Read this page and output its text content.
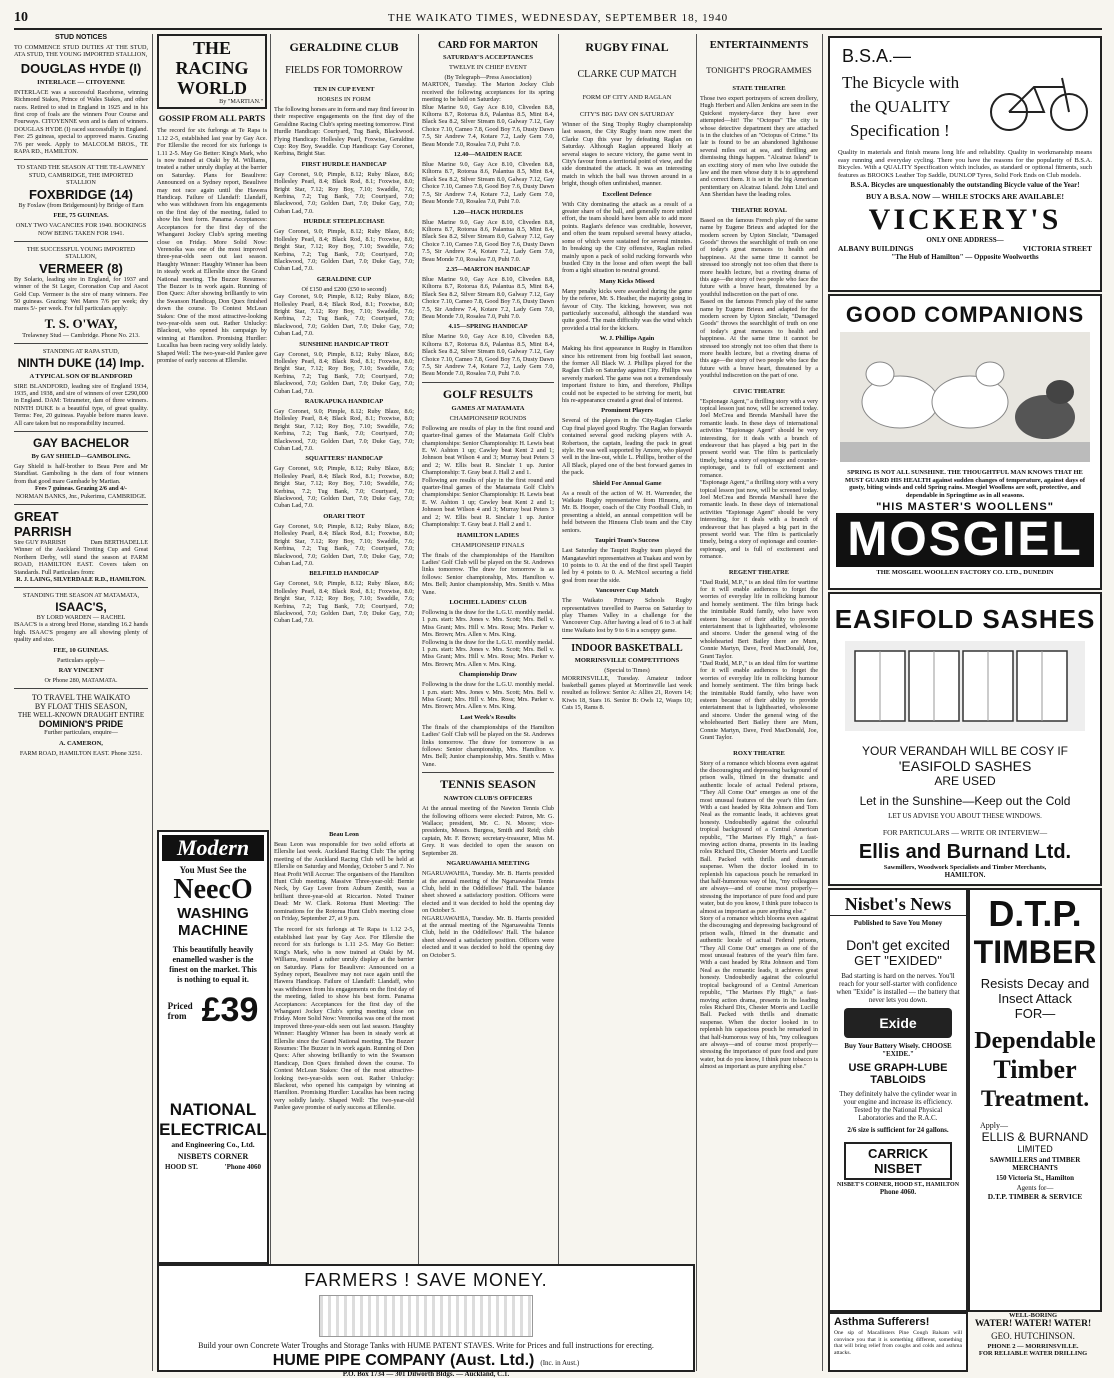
10	THE WAIKATO TIMES, WEDNESDAY, SEPTEMBER 18, 1940
STUD NOTICES
TO COMMENCE STUD DUTIES AT THE STUD, ATA STUD, THE YOUNG IMPORTED STALLION,
DOUGLAS HYDE (I)
INTERLACE — CITOYENNE
INTERLACE was a successful Racehorse, winning Richmond Stakes, Prince of Wales Stakes, and other races. Retired to stud in England in 1925 and in his first crop of foals are the winners Four Course and Fourways. CITOYENNE won and is dam of winners. DOUGLAS HYDE (I) raced successfully in England. Fee: 25 guineas, special to approved mares. Grazing 7/6 per week. Apply to MALCOLM BROS., TE RAPA RD., HAMILTON.
TO STAND THE SEASON AT THE TE-LAWNEY STUD, CAMBRIDGE, THE IMPORTED STALLION
FOXBRIDGE (14)
By Foxlaw (from Bridgemount) by Bridge of Earn
FEE, 75 GUINEAS.
ONLY TWO VACANCIES FOR 1940. BOOKINGS NOW BEING TAKEN FOR 1941.
THE SUCCESSFUL YOUNG IMPORTED STALLION,
VERMEER (8)
By Solario, leading sire in England, for 1937 and winner of the St Leger, Coronation Cup and Ascot Gold Cup. Vermeer is the sire of many winners. Fee 50 guineas. Grazing: Wet Mares 7/6 per week; dry mares 5/- per week. For full particulars apply:
T. S. O'WAY,
Trelawney Stud — Cambridge. Phone No. 213.
STANDING AT RAPA STUD,
NINTH DUKE (14) Imp.
A TYPICAL SON OF BLANDFORD
SIRE BLANDFORD, leading sire of England 1934, 1935, and 1938, and sire of winners of over £290,000 in England. DAM: Tetrameter, dam of three winners. NINTH DUKE is a beautiful type, of great quality. Terms: Fee, 20 guineas. Payable before mares leave. All care taken but no responsibility incurred.
GAY BACHELOR
By GAY SHIELD—GAMBOLING.
Gay Shield is half-brother to Beau Pere and Mr Standfast. Gamboling is the dam of four winners from that good mare Gambade by Martian.
Fees 7 guineas. Grazing 2/6 and 4/-
NORMAN BANKS, Jnr., Pukerimu, CAMBRIDGE.
GREAT
PARRISH
Sire GUY PARRISH	Dam BERTHADELLE
Winner of the Auckland Trotting Cup and Great Northern Derby, will stand the season at FARM ROAD, HAMILTON EAST. Covers taken on Standards. Full Particulars from:
R. J. LAING, SILVERDALE R.D., HAMILTON.
STANDING THE SEASON AT MATAMATA,
ISAAC'S,
BY LORD WARDEN — RACHEL
ISAAC'S is a strong bred Horse, standing 16.2 hands high. ISAAC'S progeny are all showing plenty of quality and size.
FEE, 10 GUINEAS.
Particulars apply—
RAY VINCENT
Or Phone 280, MATAMATA.
TO TRAVEL THE WAIKATO
BY FLOAT THIS SEASON,
THE WELL-KNOWN DRAUGHT ENTIRE
DOMINION'S PRIDE
Further particulars, enquire—
A. CAMERON,
FARM ROAD, HAMILTON EAST. Phone 3251.
THE RACING WORLD
By "MARTIAN."
GOSSIP FROM ALL PARTS
The record for six furlongs at Te Rapa is 1.12 2-5, established last year by Gay Ace. For Ellerslie the record for six furlongs is 1.11 2-5. May Go Better: King's Mark, who is now trained at Otaki by M. Williams, treated a rather unruly display at the barrier on Saturday. Plans for Beaulivre: Announced on a Sydney report, Beaulivre may not race again until the Hawera Handicap. Failure of Llandaff: Llandaff, who was withdrawn from his engagements on the first day of the meeting, failed to show his best form. Panama Acceptances: Acceptances for the first day of the Whangarei Jockey Club's spring meeting close on Friday. More Solid Now: Verenoika was one of the most improved three-year-olds seen out last season. Haughty Winner: Haughty Winner has been in steady work at Ellerslie since the Grand National meeting. The Buzzer Resumes: The Buzzer is in work again. Running of Don Quex: After showing brilliantly to win the Swanson Handicap, Don Quex finished down the course. To Contest McLean Stakes: One of the most attractive-looking two-year-olds seen out. Rather Unlucky: Blackout, who opened his campaign by winning at Hamilton. Promising Hurdler: Lucallus has been racing very solidly lately. Shaped Well: The two-year-old Panlee gave promise of early success at Ellerslie.
GERALDINE CLUB
FIELDS FOR TOMORROW
TEN IN CUP EVENT
HORSES IN FORM
The following horses are in form and may find favour in their respective engagements on the first day of the Geraldine Racing Club's spring meeting tomorrow. First Hurdle Handicap: Courtyard, Tug Bank, Blackwood. Flying Handicap: Hollesley Pearl, Foxwise, Geraldine Cup: Roy Boy, Swaddle. Cup Handicap: Gay Coronet, Kerbina, Bright Star.
FIRST HURDLE HANDICAP
Gay Coronet, 9.0; Pimple, 8.12; Ruby Blaze, 8.6; Hollesley Pearl, 8.4; Black Rod, 8.1; Foxwise, 8.0; Bright Star, 7.12; Roy Boy, 7.10; Swaddle, 7.6; Kerbina, 7.2; Tug Bank, 7.0; Courtyard, 7.0; Blackwood, 7.0; Golden Dart, 7.0; Duke Gay, 7.0; Cuban Lad, 7.0.
HURDLE STEEPLECHASE
Gay Coronet, 9.0; Pimple, 8.12; Ruby Blaze, 8.6; Hollesley Pearl, 8.4; Black Rod, 8.1; Foxwise, 8.0; Bright Star, 7.12; Roy Boy, 7.10; Swaddle, 7.6; Kerbina, 7.2; Tug Bank, 7.0; Courtyard, 7.0; Blackwood, 7.0; Golden Dart, 7.0; Duke Gay, 7.0; Cuban Lad, 7.0.
GERALDINE CUP
Of £150 and £200 (£50 to second)
Gay Coronet, 9.0; Pimple, 8.12; Ruby Blaze, 8.6; Hollesley Pearl, 8.4; Black Rod, 8.1; Foxwise, 8.0; Bright Star, 7.12; Roy Boy, 7.10; Swaddle, 7.6; Kerbina, 7.2; Tug Bank, 7.0; Courtyard, 7.0; Blackwood, 7.0; Golden Dart, 7.0; Duke Gay, 7.0; Cuban Lad, 7.0.
SUNSHINE HANDICAP TROT
Gay Coronet, 9.0; Pimple, 8.12; Ruby Blaze, 8.6; Hollesley Pearl, 8.4; Black Rod, 8.1; Foxwise, 8.0; Bright Star, 7.12; Roy Boy, 7.10; Swaddle, 7.6; Kerbina, 7.2; Tug Bank, 7.0; Courtyard, 7.0; Blackwood, 7.0; Golden Dart, 7.0; Duke Gay, 7.0; Cuban Lad, 7.0.
RAUKAPUKA HANDICAP
Gay Coronet, 9.0; Pimple, 8.12; Ruby Blaze, 8.6; Hollesley Pearl, 8.4; Black Rod, 8.1; Foxwise, 8.0; Bright Star, 7.12; Roy Boy, 7.10; Swaddle, 7.6; Kerbina, 7.2; Tug Bank, 7.0; Courtyard, 7.0; Blackwood, 7.0; Golden Dart, 7.0; Duke Gay, 7.0; Cuban Lad, 7.0.
SQUATTERS' HANDICAP
Gay Coronet, 9.0; Pimple, 8.12; Ruby Blaze, 8.6; Hollesley Pearl, 8.4; Black Rod, 8.1; Foxwise, 8.0; Bright Star, 7.12; Roy Boy, 7.10; Swaddle, 7.6; Kerbina, 7.2; Tug Bank, 7.0; Courtyard, 7.0; Blackwood, 7.0; Golden Dart, 7.0; Duke Gay, 7.0; Cuban Lad, 7.0.
ORARI TROT
Gay Coronet, 9.0; Pimple, 8.12; Ruby Blaze, 8.6; Hollesley Pearl, 8.4; Black Rod, 8.1; Foxwise, 8.0; Bright Star, 7.12; Roy Boy, 7.10; Swaddle, 7.6; Kerbina, 7.2; Tug Bank, 7.0; Courtyard, 7.0; Blackwood, 7.0; Golden Dart, 7.0; Duke Gay, 7.0; Cuban Lad, 7.0.
BELFIELD HANDICAP
Gay Coronet, 9.0; Pimple, 8.12; Ruby Blaze, 8.6; Hollesley Pearl, 8.4; Black Rod, 8.1; Foxwise, 8.0; Bright Star, 7.12; Roy Boy, 7.10; Swaddle, 7.6; Kerbina, 7.2; Tug Bank, 7.0; Courtyard, 7.0; Blackwood, 7.0; Golden Dart, 7.0; Duke Gay, 7.0; Cuban Lad, 7.0.
Beau Leon
Beau Leon was responsible for two solid efforts at Ellerslie last week. Auckland Racing Club: The spring meeting of the Auckland Racing Club will be held at Ellerslie on Saturday and Monday, October 5 and 7. No Heat Profit Will Accrue: The organisers of the Hamilton Hunt Club meeting. Massive Three-year-old: Bernie Neck, by Gay Lover from Auburn Zenith, was a brilliant three-year-old at Riccarton. Noted Trainer Dead: Mr W. Clark. Rotorua Hunt Meeting: The nominations for the Rotorua Hunt Club's meeting close on Friday, September 27, at 9 p.m.
The record for six furlongs at Te Rapa is 1.12 2-5, established last year by Gay Ace. For Ellerslie the record for six furlongs is 1.11 2-5. May Go Better: King's Mark, who is now trained at Otaki by M. Williams, treated a rather unruly display at the barrier on Saturday. Plans for Beaulivre: Announced on a Sydney report, Beaulivre may not race again until the Hawera Handicap. Failure of Llandaff: Llandaff, who was withdrawn from his engagements on the first day of the meeting, failed to show his best form. Panama Acceptances: Acceptances for the first day of the Whangarei Jockey Club's spring meeting close on Friday. More Solid Now: Verenoika was one of the most improved three-year-olds seen out last season. Haughty Winner: Haughty Winner has been in steady work at Ellerslie since the Grand National meeting. The Buzzer Resumes: The Buzzer is in work again. Running of Don Quex: After showing brilliantly to win the Swanson Handicap, Don Quex finished down the course. To Contest McLean Stakes: One of the most attractive-looking two-year-olds seen out. Rather Unlucky: Blackout, who opened his campaign by winning at Hamilton. Promising Hurdler: Lucallus has been racing very solidly lately. Shaped Well: The two-year-old Panlee gave promise of early success at Ellerslie.
Modern
You Must See the
NeecO
WASHING
MACHINE
This beautifully heavily enamelled washer is the finest on the market. This is nothing to equal it.
Priced from £39
NATIONAL
ELECTRICAL
and Engineering Co., Ltd.
NISBETS CORNER
HOOD ST.	'Phone 4060
FARMERS ! SAVE MONEY.
Build your own Concrete Water Troughs and Storage Tanks with HUME PATENT STAVES. Write for Prices and full instructions for erecting.
HUME PIPE COMPANY (Aust. Ltd.) (Inc. in Aust.)
P.O. Box 1734 — 301 Dilworth Bldgs. — Auckland, C.1.
CARD FOR MARTON
SATURDAY'S ACCEPTANCES
TWELVE IN CHIEF EVENT
(By Telegraph—Press Association)
MARTON, Tuesday. The Marton Jockey Club received the following acceptances for its spring meeting to be held on Saturday:
Blue Marine 9.0, Gay Ace 8.10, Cliveden 8.8, Kiltorra 8.7, Rotorua 8.6, Palantua 8.5, Mint 8.4, Black Sea 8.2, Silver Stream 8.0, Galway 7.12, Gay Choice 7.10, Cameo 7.8, Good Boy 7.6, Dusty Dawn 7.5, Sir Andrew 7.4, Kotare 7.2, Lady Gem 7.0, Beau Monde 7.0, Rosalea 7.0, Puhi 7.0.
12.40—MAIDEN RACE
Blue Marine 9.0, Gay Ace 8.10, Cliveden 8.8, Kiltorra 8.7, Rotorua 8.6, Palantua 8.5, Mint 8.4, Black Sea 8.2, Silver Stream 8.0, Galway 7.12, Gay Choice 7.10, Cameo 7.8, Good Boy 7.6, Dusty Dawn 7.5, Sir Andrew 7.4, Kotare 7.2, Lady Gem 7.0, Beau Monde 7.0, Rosalea 7.0, Puhi 7.0.
1.20—HACK HURDLES
Blue Marine 9.0, Gay Ace 8.10, Cliveden 8.8, Kiltorra 8.7, Rotorua 8.6, Palantua 8.5, Mint 8.4, Black Sea 8.2, Silver Stream 8.0, Galway 7.12, Gay Choice 7.10, Cameo 7.8, Good Boy 7.6, Dusty Dawn 7.5, Sir Andrew 7.4, Kotare 7.2, Lady Gem 7.0, Beau Monde 7.0, Rosalea 7.0, Puhi 7.0.
2.35—MARTON HANDICAP
Blue Marine 9.0, Gay Ace 8.10, Cliveden 8.8, Kiltorra 8.7, Rotorua 8.6, Palantua 8.5, Mint 8.4, Black Sea 8.2, Silver Stream 8.0, Galway 7.12, Gay Choice 7.10, Cameo 7.8, Good Boy 7.6, Dusty Dawn 7.5, Sir Andrew 7.4, Kotare 7.2, Lady Gem 7.0, Beau Monde 7.0, Rosalea 7.0, Puhi 7.0.
4.15—SPRING HANDICAP
Blue Marine 9.0, Gay Ace 8.10, Cliveden 8.8, Kiltorra 8.7, Rotorua 8.6, Palantua 8.5, Mint 8.4, Black Sea 8.2, Silver Stream 8.0, Galway 7.12, Gay Choice 7.10, Cameo 7.8, Good Boy 7.6, Dusty Dawn 7.5, Sir Andrew 7.4, Kotare 7.2, Lady Gem 7.0, Beau Monde 7.0, Rosalea 7.0, Puhi 7.0.
GOLF RESULTS
GAMES AT MATAMATA
CHAMPIONSHIP ROUNDS
Following are results of play in the first round and quarter-final games of the Matamata Golf Club's championships: Senior Championship: H. Lewis beat E. W. Ashton 1 up; Cawley beat Kent 2 and 1; Johnson beat Wilson 4 and 3; Murray beat Peters 3 and 2; W. Ellis beat R. Sinclair 1 up. Junior Championship: T. Gray beat J. Hall 2 and 1.
Following are results of play in the first round and quarter-final games of the Matamata Golf Club's championships: Senior Championship: H. Lewis beat E. W. Ashton 1 up; Cawley beat Kent 2 and 1; Johnson beat Wilson 4 and 3; Murray beat Peters 3 and 2; W. Ellis beat R. Sinclair 1 up. Junior Championship: T. Gray beat J. Hall 2 and 1.
HAMILTON LADIES
CHAMPIONSHIP FINALS
The finals of the championships of the Hamilton Ladies' Golf Club will be played on the St. Andrews links tomorrow. The draw for tomorrow is as follows: Senior championship, Mrs. Hamilton v. Mrs. Bell; Junior championship, Mrs. Smith v. Miss Vane.
LOCHIEL LADIES' CLUB
Following is the draw for the L.G.U. monthly medal. 1 p.m. start: Mrs. Jones v. Mrs. Scott; Mrs. Bell v. Miss Grant; Mrs. Hill v. Mrs. Ross; Mrs. Parker v. Mrs. Brown; Mrs. Allen v. Mrs. King.
Following is the draw for the L.G.U. monthly medal. 1 p.m. start: Mrs. Jones v. Mrs. Scott; Mrs. Bell v. Miss Grant; Mrs. Hill v. Mrs. Ross; Mrs. Parker v. Mrs. Brown; Mrs. Allen v. Mrs. King.
Championship Draw
Following is the draw for the L.G.U. monthly medal. 1 p.m. start: Mrs. Jones v. Mrs. Scott; Mrs. Bell v. Miss Grant; Mrs. Hill v. Mrs. Ross; Mrs. Parker v. Mrs. Brown; Mrs. Allen v. Mrs. King.
Last Week's Results
The finals of the championships of the Hamilton Ladies' Golf Club will be played on the St. Andrews links tomorrow. The draw for tomorrow is as follows: Senior championship, Mrs. Hamilton v. Mrs. Bell; Junior championship, Mrs. Smith v. Miss Vane.
TENNIS SEASON
NAWTON CLUB'S OFFICERS
At the annual meeting of the Nawton Tennis Club the following officers were elected: Patron, Mr. G. Wallace; president, Mr. C. N. Moore; vice-presidents, Messrs. Burgess, Smith and Reid; club captain, Mr. F. Brown; secretary-treasurer, Miss M. Grey. It was decided to open the season on September 28.
NGARUAWAHIA MEETING
NGARUAWAHIA, Tuesday. Mr. B. Harris presided at the annual meeting of the Ngaruawahia Tennis Club, held in the Oddfellows' Hall. The balance sheet showed a satisfactory position. Officers were elected and it was decided to hold the opening day on October 5.
NGARUAWAHIA, Tuesday. Mr. B. Harris presided at the annual meeting of the Ngaruawahia Tennis Club, held in the Oddfellows' Hall. The balance sheet showed a satisfactory position. Officers were elected and it was decided to hold the opening day on October 5.
RUGBY FINAL
CLARKE CUP MATCH
FORM OF CITY AND RAGLAN
CITY'S BIG DAY ON SATURDAY
Winner of the Sing Trophy Rugby championship last season, the City Rugby team now meet the Clarke Cup this year by defeating Raglan on Saturday. Although Raglan appeared likely at several stages to secure victory, the game went in City's favour from a territorial point of view, and the side dominated the attack. It was an interesting match in which the ball was thrown around in a bright, though often unfinished, manner.
Excellent Defence
With City dominating the attack as a result of a greater share of the ball, and generally more united effort, the team should have been able to add more points. Raglan's defence was creditable, however, and often the team repulsed several heavy attacks, some of which were sustained for several minutes. In breaking up the City offensive, Raglan relied mainly upon a pack of solid rucking forwards who bustled City in the loose and often swept the ball from a tight situation to neutral ground.
Many Kicks Missed
Many penalty kicks were awarded during the game by the referee, Mr. S. Heather, the majority going in favour of City. The kicking, however, was not particularly successful, although the standard was quite good. The main difficulty was the wind which provided a trial for the kickers.
W. J. Phillips Again
Making his first appearance in Rugby in Hamilton since his retirement from big football last season, the former All Black W. J. Phillips played for the Raglan Club on Saturday against City. Phillips was severely marked. The game was not a tremendously important fixture to him, and therefore, Phillips could not be expected to be striving for merit, but his re-appearance created a great deal of interest.
Prominent Players
Several of the players in the City-Raglan Clarke Cup final played good Rugby. The Raglan forwards contained several good rucking players with A. Robertson, the captain, leading the pack in great style. He was well supported by Amore, who played well in the line-out, while L. Phillips, brother of the All Black, played one of the best forward games in the pack.
Shield For Annual Game
As a result of the action of W. H. Warrender, the Waikato Rugby representative from Hinuera, and Mr. B. Hooper, coach of the City Football Club, in presenting a shield, an annual competition will be held between the Hinuera Club team and the City seniors.
Taupiri Team's Success
Last Saturday the Taupiri Rugby team played the Mangatawhiri representatives at Tuakau and won by 10 points to 0. At the end of the first spell Taupiri led by 4 points to 0. A. McNicol securing a field goal from near the side.
Vancouver Cup Match
The Waikato Primary Schools Rugby representatives travelled to Paeroa on Saturday to play Thames Valley in a challenge for the Vancouver Cup. After having a lead of 6 to 3 at half time Waikato lost by 9 to 6 in a scrappy game.
INDOOR BASKETBALL
MORRINSVILLE COMPETITIONS
(Special to Times)
MORRINSVILLE, Tuesday. Amateur indoor basketball games played at Morrinsville last week resulted as follows: Senior A: Allies 21, Rovers 14; Kiwis 18, Stars 16. Senior B: Owls 12, Wasps 10; Cats 15, Rams 8.
ENTERTAINMENTS
TONIGHT'S PROGRAMMES
STATE THEATRE
Those two expert portrayers of screen drollery, Hugh Herbert and Allen Jenkins are seen in the Quickest mystery-farce they have ever attempted—hit! The "Octopus" The city is whose detective department they are attached is in the clutches of an "Octopus of Crime." Its lair is found to be an abandoned lighthouse several miles out at sea, and thrilling are dismissing things happen. "Alcatraz Island" is an exciting story of men who live outside the law and the men whose duty it is to apprehend and correct them. It is set in the big American penitentiary on Alcatraz Island. John Litel and Ann Sheridan have the leading roles.
THEATRE ROYAL
Based on the famous French play of the same name by Eugene Brieux and adapted for the modern screen by Upton Sinclair, "Damaged Goods" throws the searchlight of truth on one of today's great menaces to health and happiness. At the same time it cannot be stressed too strongly not too often that there is more health lecture, but a riveting drama of this age—the story of two people who face the future with a brave heart, threatened by a youthful indiscretion on the part of one.
Based on the famous French play of the same name by Eugene Brieux and adapted for the modern screen by Upton Sinclair, "Damaged Goods" throws the searchlight of truth on one of today's great menaces to health and happiness. At the same time it cannot be stressed too strongly not too often that there is more health lecture, but a riveting drama of this age—the story of two people who face the future with a brave heart, threatened by a youthful indiscretion on the part of one.
CIVIC THEATRE
"Espionage Agent," a thrilling story with a very topical lesson just now, will be screened today. Joel McCrea and Brenda Marshall have the romantic leads. In these days of international activities "Espionage Agent" should be very interesting, for it deals with a branch of endeavour that has played a big part in the present world war. The film is particularly timely, being a story of espionage and counter-espionage, and is full of excitement and romance.
"Espionage Agent," a thrilling story with a very topical lesson just now, will be screened today. Joel McCrea and Brenda Marshall have the romantic leads. In these days of international activities "Espionage Agent" should be very interesting, for it deals with a branch of endeavour that has played a big part in the present world war. The film is particularly timely, being a story of espionage and counter-espionage, and is full of excitement and romance.
REGENT THEATRE
"Dad Rudd, M.P.," is an ideal film for wartime for it will enable audiences to forget the worries of everyday life in rollicking humour and homely sentiment. The film brings back the inimitable Rudd family, who have won esteem because of their ability to provide entertainment that is lighthearted, wholesome and sincere. Under the general wing of the wholehearted Bert Bailey there are Mum, Connie Martyn, Dave, Fred MacDonald, Joe, Grant Taylor.
"Dad Rudd, M.P.," is an ideal film for wartime for it will enable audiences to forget the worries of everyday life in rollicking humour and homely sentiment. The film brings back the inimitable Rudd family, who have won esteem because of their ability to provide entertainment that is lighthearted, wholesome and sincere. Under the general wing of the wholehearted Bert Bailey there are Mum, Connie Martyn, Dave, Fred MacDonald, Joe, Grant Taylor.
ROXY THEATRE
Story of a romance which blooms even against the discouraging and depressing background of prison walls, filmed in the dramatic and authentic locale of actual Federal prisons, "They All Come Out" emerges as one of the most unusual features of the year's film fare. With a cast headed by Rita Johnson and Tom Neal as the romantic leads, it achieves great honesty. Undoubtedly against the colourful tropical background of a Central American republic, "The Marines Fly High," a fast-moving action drama, presents in its leading roles Richard Dix, Chester Morris and Lucille Ball. Packed with thrills and dramatic suspense. When the doctor looked in to replenish his capacious pouch he remarked in that half-humorous way of his, "my colleagues are always—and of course most properly—stressing the importance of pure food and pure water, but do you know, I think pure tobacco is almost as important as pure anything else."
Story of a romance which blooms even against the discouraging and depressing background of prison walls, filmed in the dramatic and authentic locale of actual Federal prisons, "They All Come Out" emerges as one of the most unusual features of the year's film fare. With a cast headed by Rita Johnson and Tom Neal as the romantic leads, it achieves great honesty. Undoubtedly against the colourful tropical background of a Central American republic, "The Marines Fly High," a fast-moving action drama, presents in its leading roles Richard Dix, Chester Morris and Lucille Ball. Packed with thrills and dramatic suspense. When the doctor looked in to replenish his capacious pouch he remarked in that half-humorous way of his, "my colleagues are always—and of course most properly—stressing the importance of pure food and pure water, but do you know, I think pure tobacco is almost as important as pure anything else."
B.S.A.—
The Bicycle with
the QUALITY
Specification !
Quality in materials and finish means long life and reliability. Quality in workmanship means easy running and everyday cycling. There you have the reasons for the popularity of B.S.A. Bicycles. With a QUALITY Specification which includes, as standard or optional fitments, such features as BROOKS Leather Top Saddle, DUNLOP Tyres, Solid Fork Ends on Club models.
B.S.A. Bicycles are unquestionably the outstanding Bicycle value of the Year!
BUY A B.S.A. NOW — WHILE STOCKS ARE AVAILABLE!
VICKERY'S
ONLY ONE ADDRESS—
ALBANY BUILDINGS	VICTORIA STREET
"The Hub of Hamilton" — Opposite Woolworths
GOOD COMPANIONS
SPRING IS NOT ALL SUNSHINE. THE THOUGHTFUL MAN KNOWS THAT HE MUST GUARD HIS HEALTH against sudden changes of temperature, against days of gusty, biting winds and cold Spring rains. Mosgiel Woollens are soft, protective, and dependable in Springtime as in all seasons.
"HIS MASTER'S WOOLLENS"
MOSGIEL
THE MOSGIEL WOOLLEN FACTORY CO. LTD., DUNEDIN
EASIFOLD SASHES
YOUR VERANDAH WILL BE COSY IF
'EASIFOLD SASHES
ARE USED
Let in the Sunshine—Keep out the Cold
LET US ADVISE YOU ABOUT THESE WINDOWS.
FOR PARTICULARS — WRITE OR INTERVIEW—
Ellis and Burnand Ltd.
Sawmillers, Woodwork Specialists and Timber Merchants,
HAMILTON.
Nisbet's News
Published to Save You Money
Don't get excited
GET "EXIDED"
Bad starting is hard on the nerves. You'll reach for your self-starter with confidence when "Exide" is installed — the battery that never lets you down.
Exide
Buy Your Battery Wisely. CHOOSE "EXIDE."
USE GRAPH-LUBE
TABLOIDS
They definitely halve the cylinder wear in your engine and increase its efficiency. Tested by the National Physical Laboratories and the R.A.C.
2/6 size is sufficient for 24 gallons.
CARRICK NISBET
NISBET'S CORNER, HOOD ST., HAMILTON
Phone 4060.
D.T.P.
TIMBER
Resists Decay and Insect Attack
FOR—
Dependable
Timber
Treatment.
Apply—
ELLIS & BURNAND
LIMITED
SAWMILLERS and TIMBER MERCHANTS
150 Victoria St., Hamilton
Agents for—
D.T.P. TIMBER & SERVICE
Asthma Sufferers!
One sip of Macallisters Pine Cough Balsam will convince you that it is something different, something that will bring relief from coughs and colds and asthma attacks.
WELL-BORING
WATER! WATER! WATER!
GEO. HUTCHINSON.
PHONE 2 — MORRINSVILLE.
FOR RELIABLE WATER DRILLING
